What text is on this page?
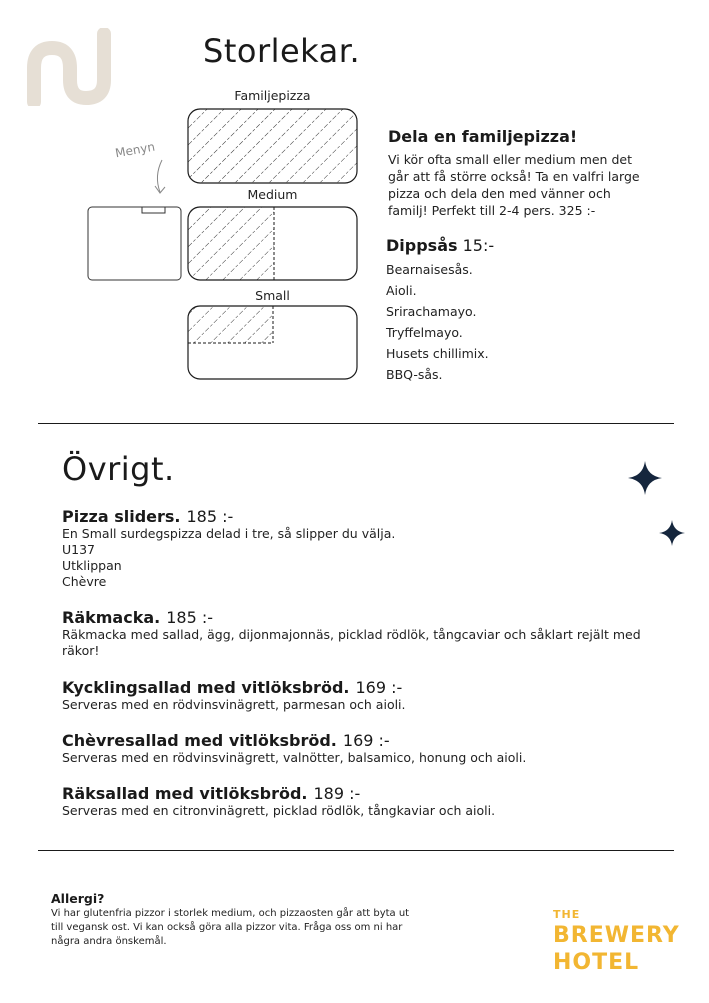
Storlekar.
Familjepizza
Medium
Small
Menyn
Dela en familjepizza!
Vi kör ofta small eller medium men det går att få större också! Ta en valfri large pizza och dela den med vänner och familj! Perfekt till 2-4 pers. 325 :-
Dippsås 15:-
Bearnaisesås.
Aioli.
Srirachamayo.
Tryffelmayo.
Husets chillimix.
BBQ-sås.
Övrigt.
Pizza sliders. 185 :-
En Small surdegspizza delad i tre, så slipper du välja.
U137
Utklippan
Chèvre
Räkmacka. 185 :-
Räkmacka med sallad, ägg, dijonmajonnäs, picklad rödlök, tångcaviar och såklart rejält med räkor!
Kycklingsallad med vitlöksbröd. 169 :-
Serveras med en rödvinsvinägrett, parmesan och aioli.
Chèvresallad med vitlöksbröd. 169 :-
Serveras med en rödvinsvinägrett, valnötter, balsamico, honung och aioli.
Räksallad med vitlöksbröd. 189 :-
Serveras med en citronvinägrett, picklad rödlök, tångkaviar och aioli.
Allergi?
Vi har glutenfria pizzor i storlek medium, och pizzaosten går att byta ut till vegansk ost. Vi kan också göra alla pizzor vita. Fråga oss om ni har några andra önskemål.
THE
BREWERY
HOTEL
